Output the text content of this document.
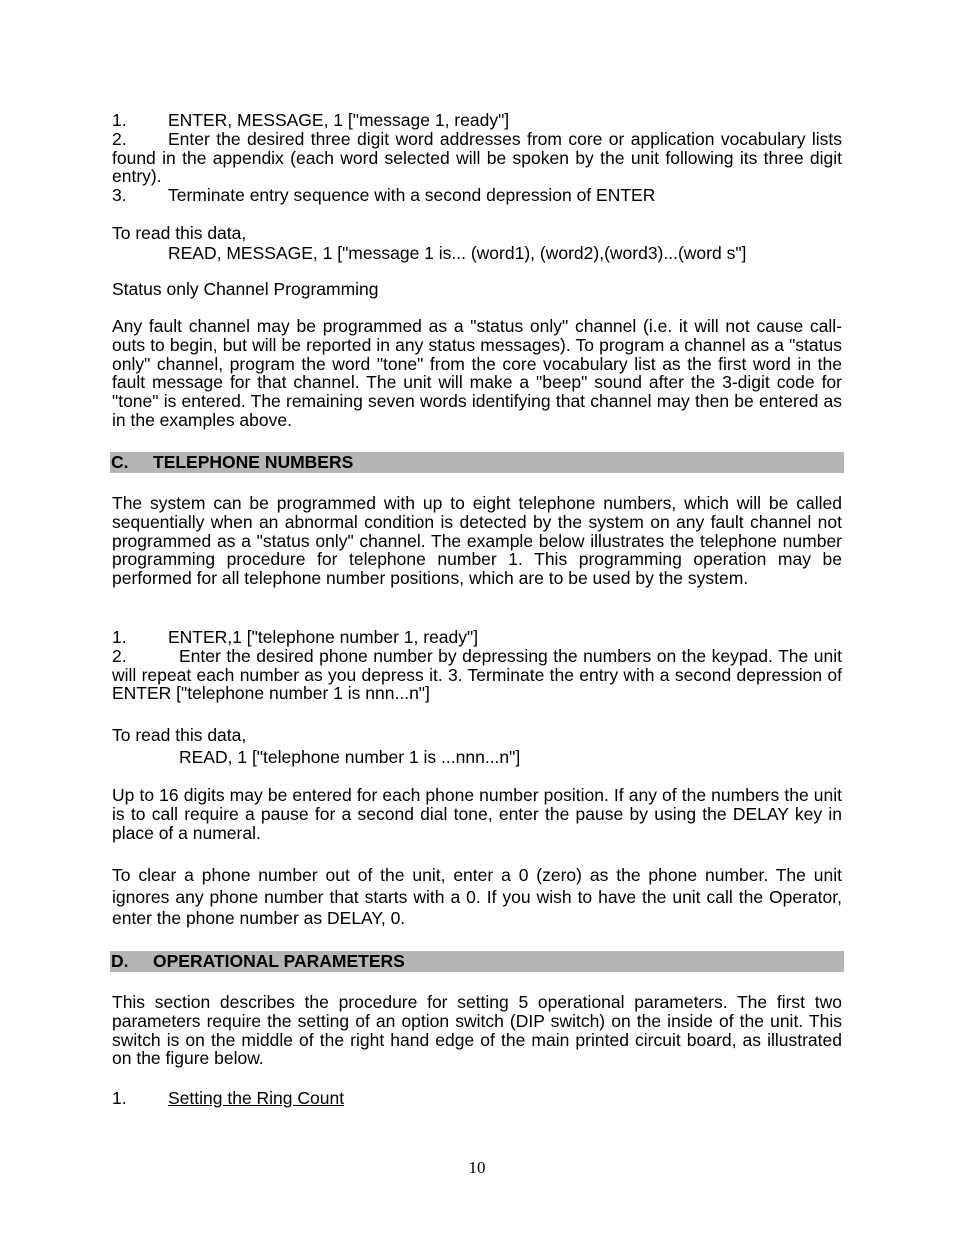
1. ENTER, MESSAGE, 1 ["message 1, ready"]
2. Enter the desired three digit word addresses from core or application vocabulary lists found in the appendix (each word selected will be spoken by the unit following its three digit entry).
3. Terminate entry sequence with a second depression of ENTER
To read this data,
READ, MESSAGE, 1 ["message 1 is... (word1), (word2),(word3)...(word s"]
Status only Channel Programming
Any fault channel may be programmed as a "status only" channel (i.e. it will not cause call-outs to begin, but will be reported in any status messages). To program a channel as a "status only" channel, program the word "tone" from the core vocabulary list as the first word in the fault message for that channel. The unit will make a "beep" sound after the 3-digit code for "tone" is entered. The remaining seven words identifying that channel may then be entered as in the examples above.
C. TELEPHONE NUMBERS
The system can be programmed with up to eight telephone numbers, which will be called sequentially when an abnormal condition is detected by the system on any fault channel not programmed as a "status only" channel. The example below illustrates the telephone number programming procedure for telephone number 1. This programming operation may be performed for all telephone number positions, which are to be used by the system.
1. ENTER,1 ["telephone number 1, ready"]
2.	Enter the desired phone number by depressing the numbers on the keypad. The unit will repeat each number as you depress it. 3. Terminate the entry with a second depression of ENTER ["telephone number 1 is nnn...n"]
To read this data,
READ, 1 ["telephone number 1 is ...nnn...n"]
Up to 16 digits may be entered for each phone number position. If any of the numbers the unit is to call require a pause for a second dial tone, enter the pause by using the DELAY key in place of a numeral.
To clear a phone number out of the unit, enter a 0 (zero) as the phone number. The unit ignores any phone number that starts with a 0. If you wish to have the unit call the Operator, enter the phone number as DELAY, 0.
D. OPERATIONAL PARAMETERS
This section describes the procedure for setting 5 operational parameters. The first two parameters require the setting of an option switch (DIP switch) on the inside of the unit. This switch is on the middle of the right hand edge of the main printed circuit board, as illustrated on the figure below.
1. Setting the Ring Count
10
